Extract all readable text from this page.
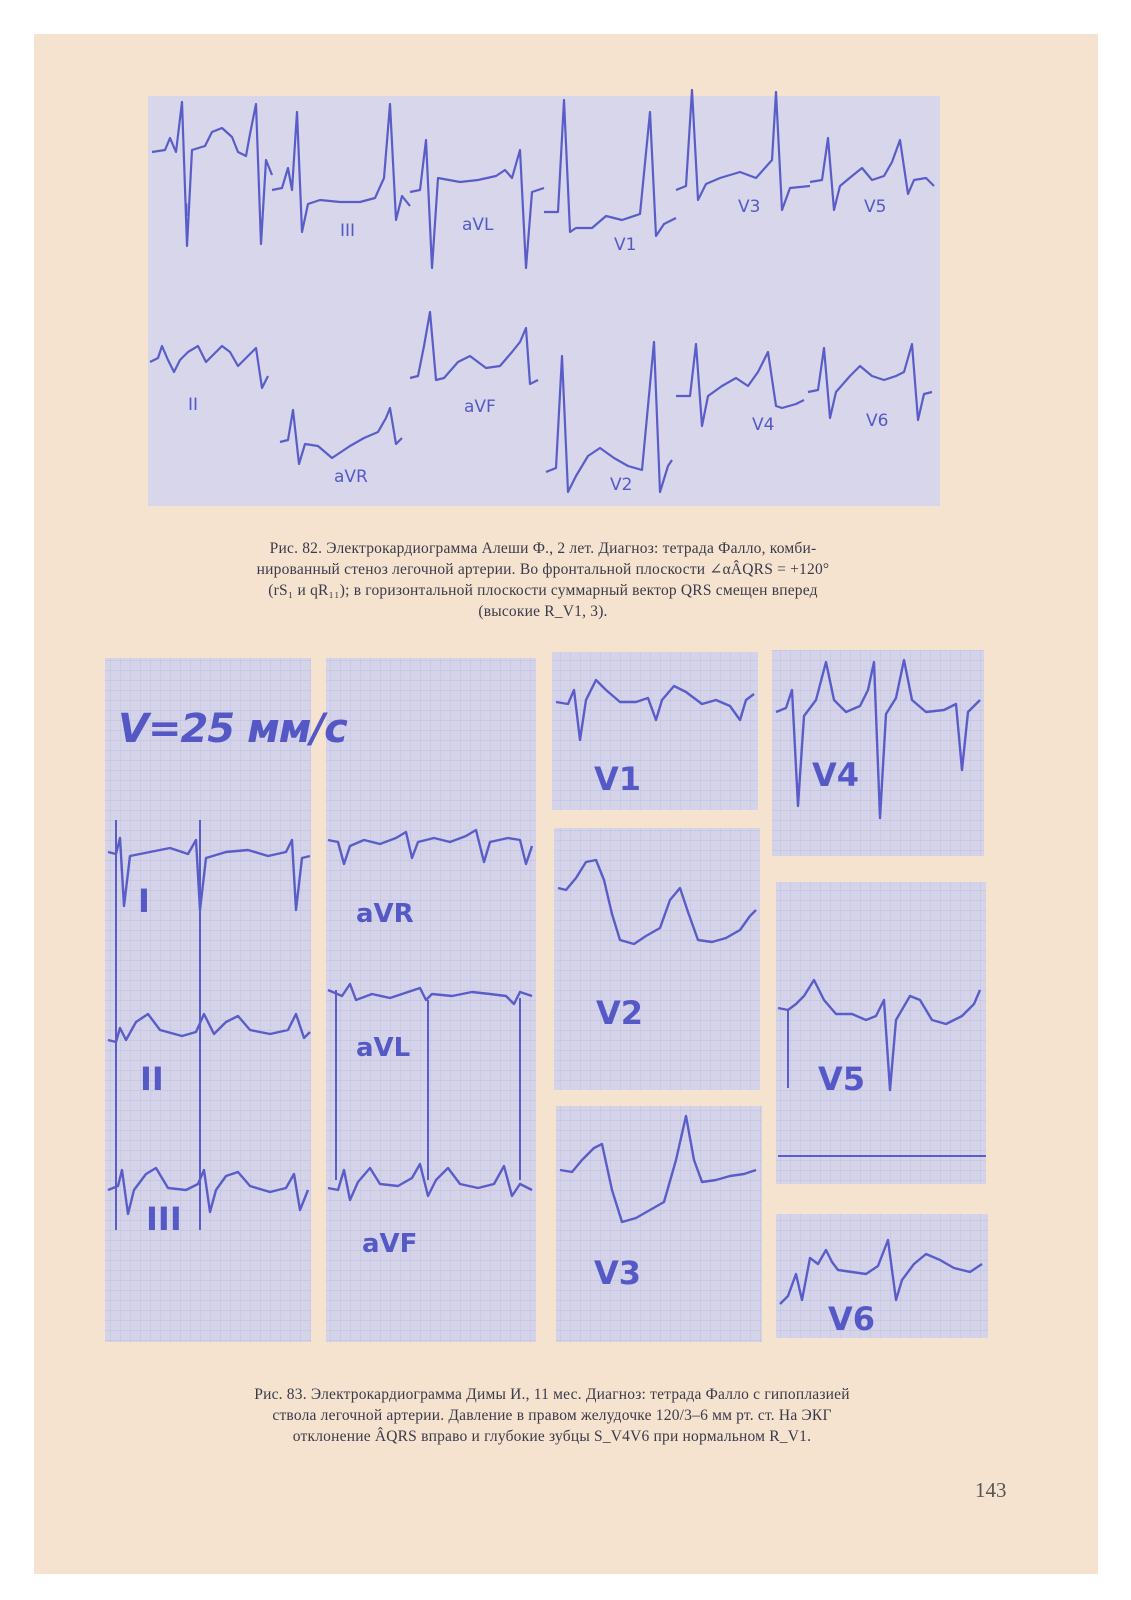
I
III	aVL
V1
V3	V5
II
aVR
aVF
V2
V4	V6
I
II
III
aVR
aVL
aVF
V1
V2
V3
V4
V5
V6
V=25 мм/с
Рис. 82. Электрокардиограмма Алеши Ф., 2 лет. Диагноз: тетрада Фалло, комби-
нированный стеноз легочной артерии. Во фронтальной плоскости ∠αÂQRS = +120°
(rS₁ и qR₁₁); в горизонтальной плоскости суммарный вектор QRS смещен вперед
(высокие R_V1, 3).
Рис. 83. Электрокардиограмма Димы И., 11 мес. Диагноз: тетрада Фалло с гипоплазией
ствола легочной артерии. Давление в правом желудочке 120/3–6 мм рт. ст. На ЭКГ
отклонение ÂQRS вправо и глубокие зубцы S_V4V6 при нормальном R_V1.
143
